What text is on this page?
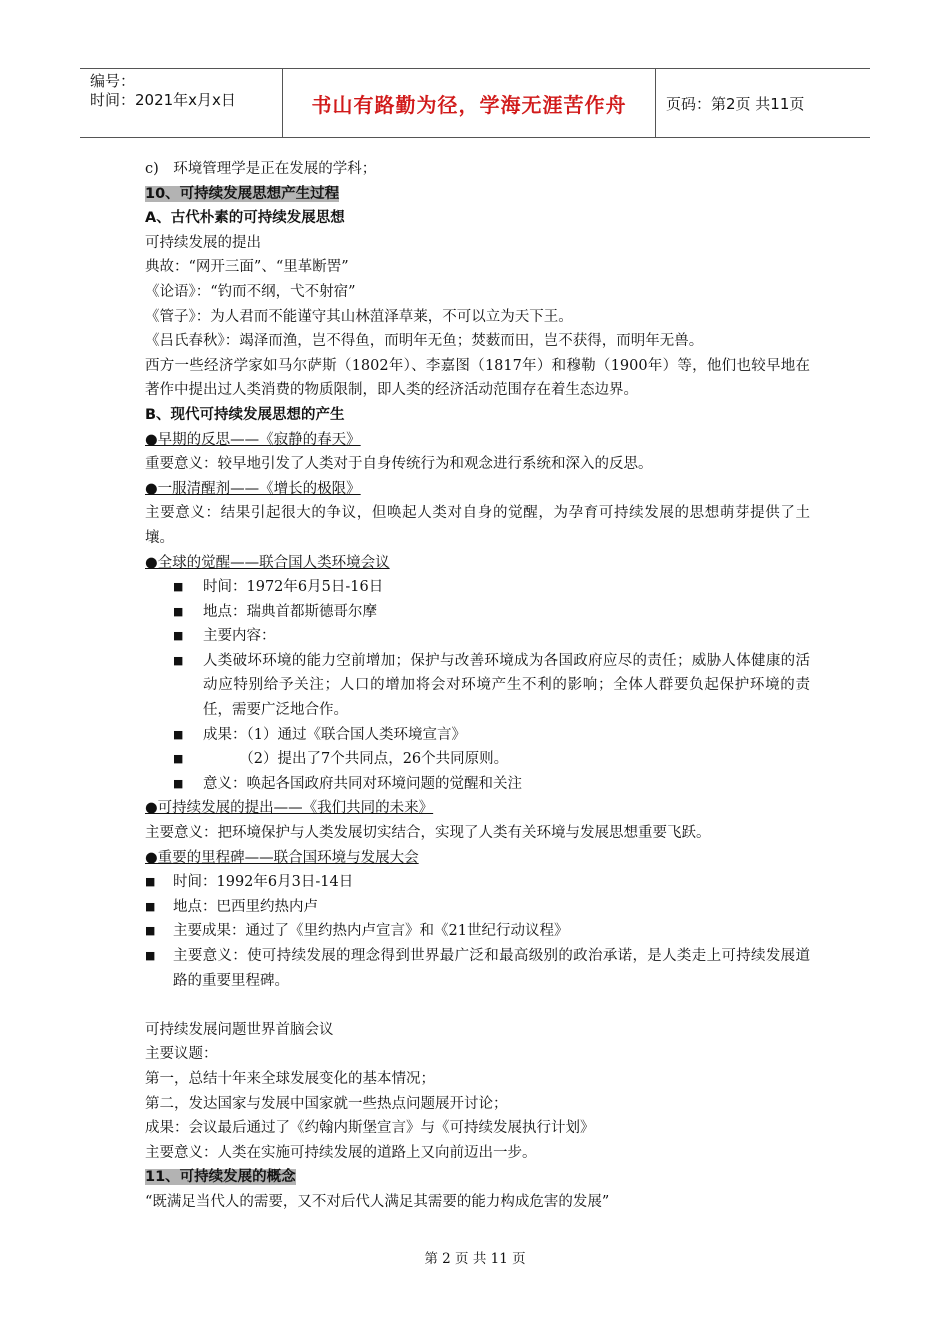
编号：
时间：2021年x月x日	书山有路勤为径，学海无涯苦作舟	页码：第2页 共11页
c)　环境管理学是正在发展的学科；
10、可持续发展思想产生过程
A、古代朴素的可持续发展思想
可持续发展的提出
典故：“网开三面”、“里革断罟”
《论语》：“钓而不纲，弋不射宿”
《管子》：为人君而不能谨守其山林菹泽草莱，不可以立为天下王。
《吕氏春秋》：竭泽而渔，岂不得鱼，而明年无鱼；焚薮而田，岂不获得，而明年无兽。
西方一些经济学家如马尔萨斯（1802年）、李嘉图（1817年）和穆勒（1900年）等，他们也较早地在著作中提出过人类消费的物质限制，即人类的经济活动范围存在着生态边界。
B、现代可持续发展思想的产生
●早期的反思——《寂静的春天》
重要意义：较早地引发了人类对于自身传统行为和观念进行系统和深入的反思。
●一服清醒剂——《增长的极限》
主要意义：结果引起很大的争议，但唤起人类对自身的觉醒，为孕育可持续发展的思想萌芽提供了土壤。
●全球的觉醒——联合国人类环境会议
■	时间：1972年6月5日-16日
■	地点：瑞典首都斯德哥尔摩
■	主要内容：
■	人类破坏环境的能力空前增加；保护与改善环境成为各国政府应尽的责任；威胁人体健康的活动应特别给予关注；人口的增加将会对环境产生不利的影响；全体人群要负起保护环境的责任，需要广泛地合作。
■	成果：（1）通过《联合国人类环境宣言》
■	　　　（2）提出了7个共同点，26个共同原则。
■	意义：唤起各国政府共同对环境问题的觉醒和关注
●可持续发展的提出——《我们共同的未来》
主要意义：把环境保护与人类发展切实结合，实现了人类有关环境与发展思想重要飞跃。
●重要的里程碑——联合国环境与发展大会
■	时间：1992年6月3日-14日
■	地点：巴西里约热内卢
■	主要成果：通过了《里约热内卢宣言》和《21世纪行动议程》
■	主要意义：使可持续发展的理念得到世界最广泛和最高级别的政治承诺，是人类走上可持续发展道路的重要里程碑。
可持续发展问题世界首脑会议
主要议题：
第一，总结十年来全球发展变化的基本情况；
第二，发达国家与发展中国家就一些热点问题展开讨论；
成果：会议最后通过了《约翰内斯堡宣言》与《可持续发展执行计划》
主要意义：人类在实施可持续发展的道路上又向前迈出一步。
11、可持续发展的概念
“既满足当代人的需要，又不对后代人满足其需要的能力构成危害的发展”
第 2 页 共 11 页
